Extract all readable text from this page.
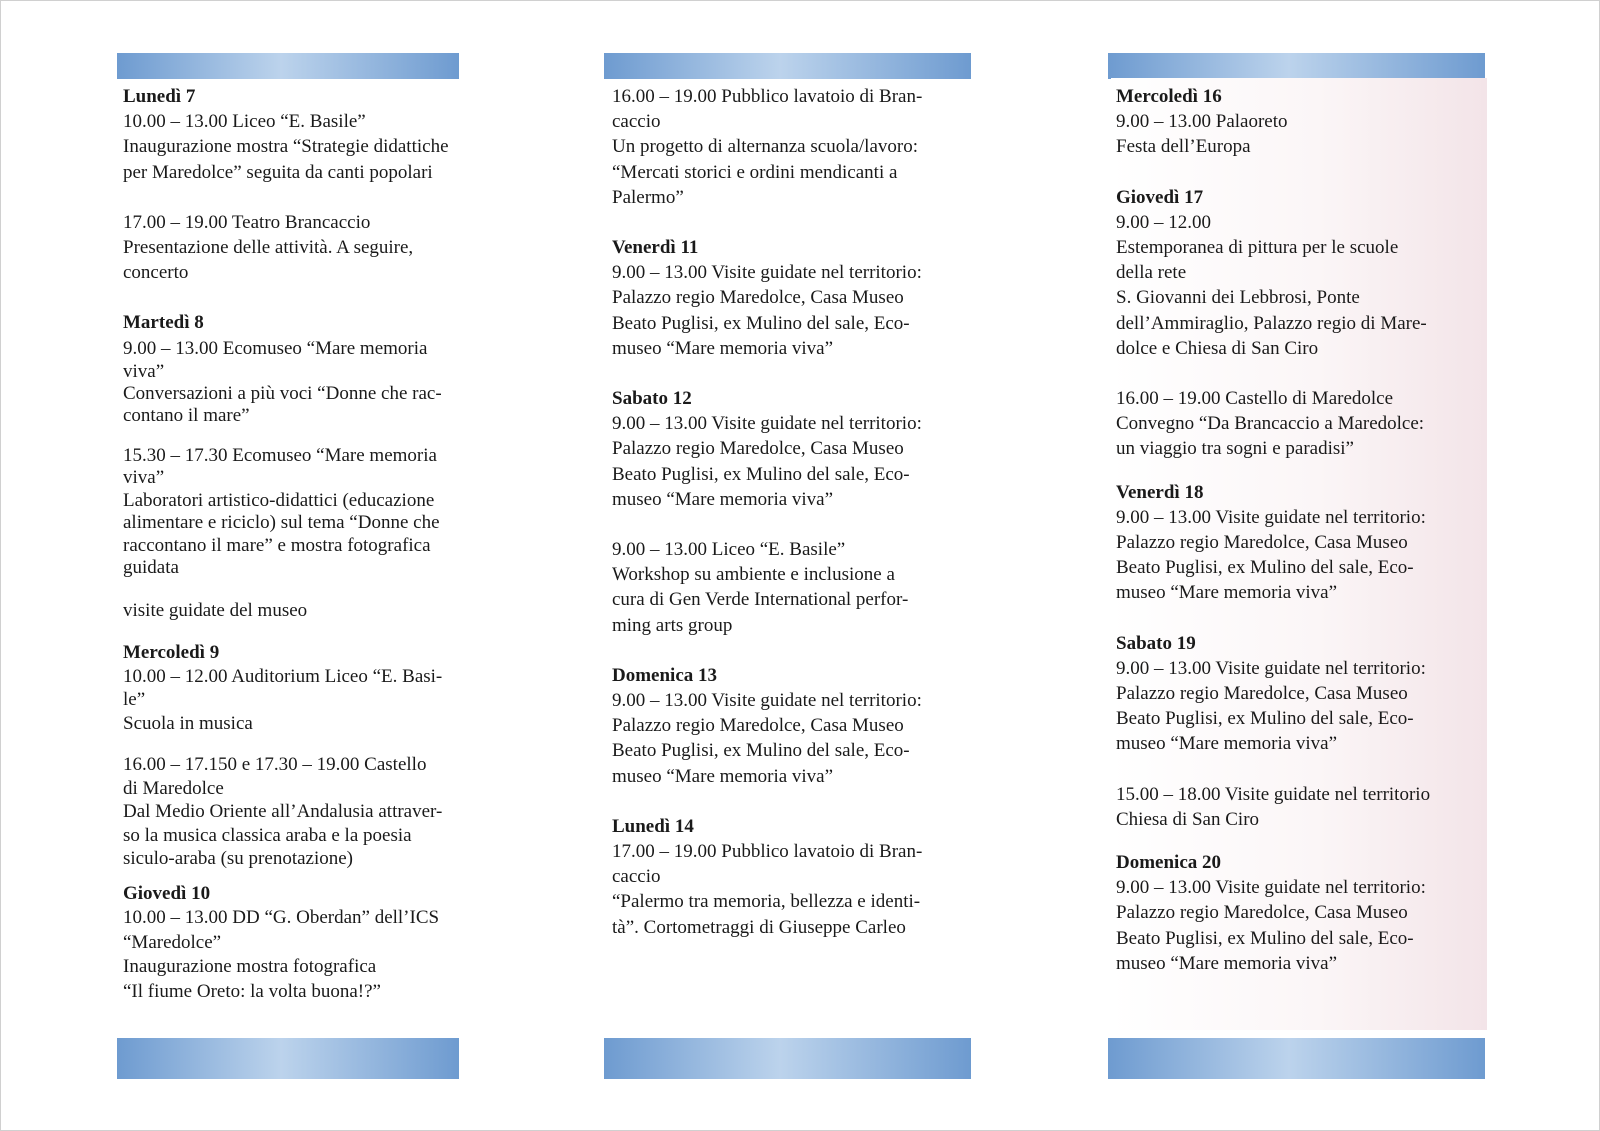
Lunedì 7
10.00 – 13.00 Liceo “E. Basile”
Inaugurazione mostra “Strategie didattiche
per Maredolce” seguita da canti popolari
17.00 – 19.00 Teatro Brancaccio
Presentazione delle attività. A seguire,
concerto
Martedì 8
9.00 – 13.00 Ecomuseo “Mare memoria
viva”
Conversazioni a più voci “Donne che rac-
contano il mare”
15.30 – 17.30 Ecomuseo “Mare memoria
viva”
Laboratori artistico-didattici (educazione
alimentare e riciclo) sul tema “Donne che
raccontano il mare” e mostra fotografica
guidata
visite guidate del museo
Mercoledì 9
10.00 – 12.00 Auditorium Liceo “E. Basi-
le”
Scuola in musica
16.00 – 17.150 e 17.30 – 19.00 Castello
di Maredolce
Dal Medio Oriente all’Andalusia attraver-
so la musica classica araba e la poesia
siculo-araba (su prenotazione)
Giovedì 10
10.00 – 13.00 DD “G. Oberdan” dell’ICS
“Maredolce”
Inaugurazione mostra fotografica
“Il fiume Oreto: la volta buona!?”
16.00 – 19.00 Pubblico lavatoio di Bran-
caccio
Un progetto di alternanza scuola/lavoro:
“Mercati storici e ordini mendicanti a
Palermo”
Venerdì 11
9.00 – 13.00 Visite guidate nel territorio:
Palazzo regio Maredolce, Casa Museo
Beato Puglisi, ex Mulino del sale, Eco-
museo “Mare memoria viva”
Sabato 12
9.00 – 13.00 Visite guidate nel territorio:
Palazzo regio Maredolce, Casa Museo
Beato Puglisi, ex Mulino del sale, Eco-
museo “Mare memoria viva”
9.00 – 13.00 Liceo “E. Basile”
Workshop su ambiente e inclusione a
cura di Gen Verde International perfor-
ming arts group
Domenica 13
9.00 – 13.00 Visite guidate nel territorio:
Palazzo regio Maredolce, Casa Museo
Beato Puglisi, ex Mulino del sale, Eco-
museo “Mare memoria viva”
Lunedì 14
17.00 – 19.00 Pubblico lavatoio di Bran-
caccio
“Palermo tra memoria, bellezza e identi-
tà”. Cortometraggi di Giuseppe Carleo
Mercoledì 16
9.00 – 13.00 Palaoreto
Festa dell’Europa
Giovedì 17
9.00 – 12.00
Estemporanea di pittura per le scuole
della rete
S. Giovanni dei Lebbrosi, Ponte
dell’Ammiraglio, Palazzo regio di Mare-
dolce e Chiesa di San Ciro
16.00 – 19.00 Castello di Maredolce
Convegno “Da Brancaccio a Maredolce:
un viaggio tra sogni e paradisi”
Venerdì 18
9.00 – 13.00 Visite guidate nel territorio:
Palazzo regio Maredolce, Casa Museo
Beato Puglisi, ex Mulino del sale, Eco-
museo “Mare memoria viva”
Sabato 19
9.00 – 13.00 Visite guidate nel territorio:
Palazzo regio Maredolce, Casa Museo
Beato Puglisi, ex Mulino del sale, Eco-
museo “Mare memoria viva”
15.00 – 18.00 Visite guidate nel territorio
Chiesa di San Ciro
Domenica 20
9.00 – 13.00 Visite guidate nel territorio:
Palazzo regio Maredolce, Casa Museo
Beato Puglisi, ex Mulino del sale, Eco-
museo “Mare memoria viva”
